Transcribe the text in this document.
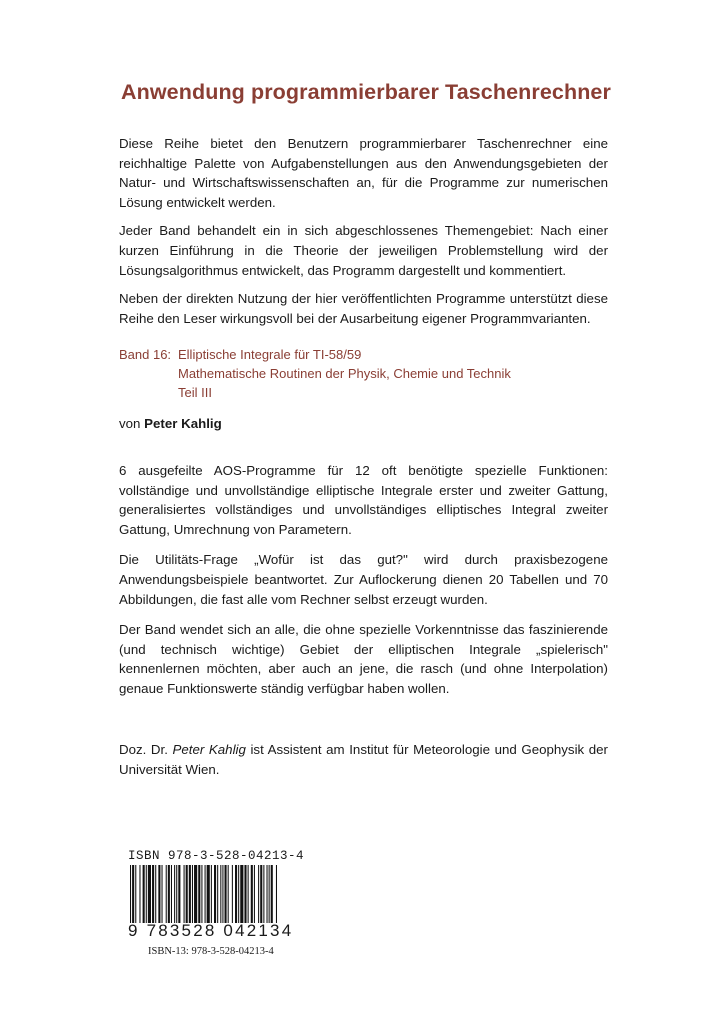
Anwendung programmierbarer Taschenrechner

Diese Reihe bietet den Benutzern programmierbarer Taschenrechner eine reichhaltige Palette von Aufgabenstellungen aus den Anwendungsgebieten der Natur- und Wirtschaftswissenschaften an, für die Programme zur numerischen Lösung entwickelt werden.

Jeder Band behandelt ein in sich abgeschlossenes Themengebiet: Nach einer kurzen Einführung in die Theorie der jeweiligen Problemstellung wird der Lösungsalgorithmus entwickelt, das Programm dargestellt und kommentiert.

Neben der direkten Nutzung der hier veröffentlichten Programme unterstützt diese Reihe den Leser wirkungsvoll bei der Ausarbeitung eigener Programmvarianten.

Band 16: Elliptische Integrale für TI-58/59
Mathematische Routinen der Physik, Chemie und Technik
Teil III
von Peter Kahlig

6 ausgefeilte AOS-Programme für 12 oft benötigte spezielle Funktionen: vollständige und unvollständige elliptische Integrale erster und zweiter Gattung, generalisiertes vollständiges und unvollständiges elliptisches Integral zweiter Gattung, Umrechnung von Parametern.

Die Utilitäts-Frage „Wofür ist das gut?" wird durch praxisbezogene Anwendungsbeispiele beantwortet. Zur Auflockerung dienen 20 Tabellen und 70 Abbildungen, die fast alle vom Rechner selbst erzeugt wurden.

Der Band wendet sich an alle, die ohne spezielle Vorkenntnisse das faszinierende (und technisch wichtige) Gebiet der elliptischen Integrale „spielerisch" kennenlernen möchten, aber auch an jene, die rasch (und ohne Interpolation) genaue Funktionswerte ständig verfügbar haben wollen.

Doz. Dr. Peter Kahlig ist Assistent am Institut für Meteorologie und Geophysik der Universität Wien.

ISBN 978-3-528-04213-4
9 783528 042134
ISBN-13: 978-3-528-04213-4
